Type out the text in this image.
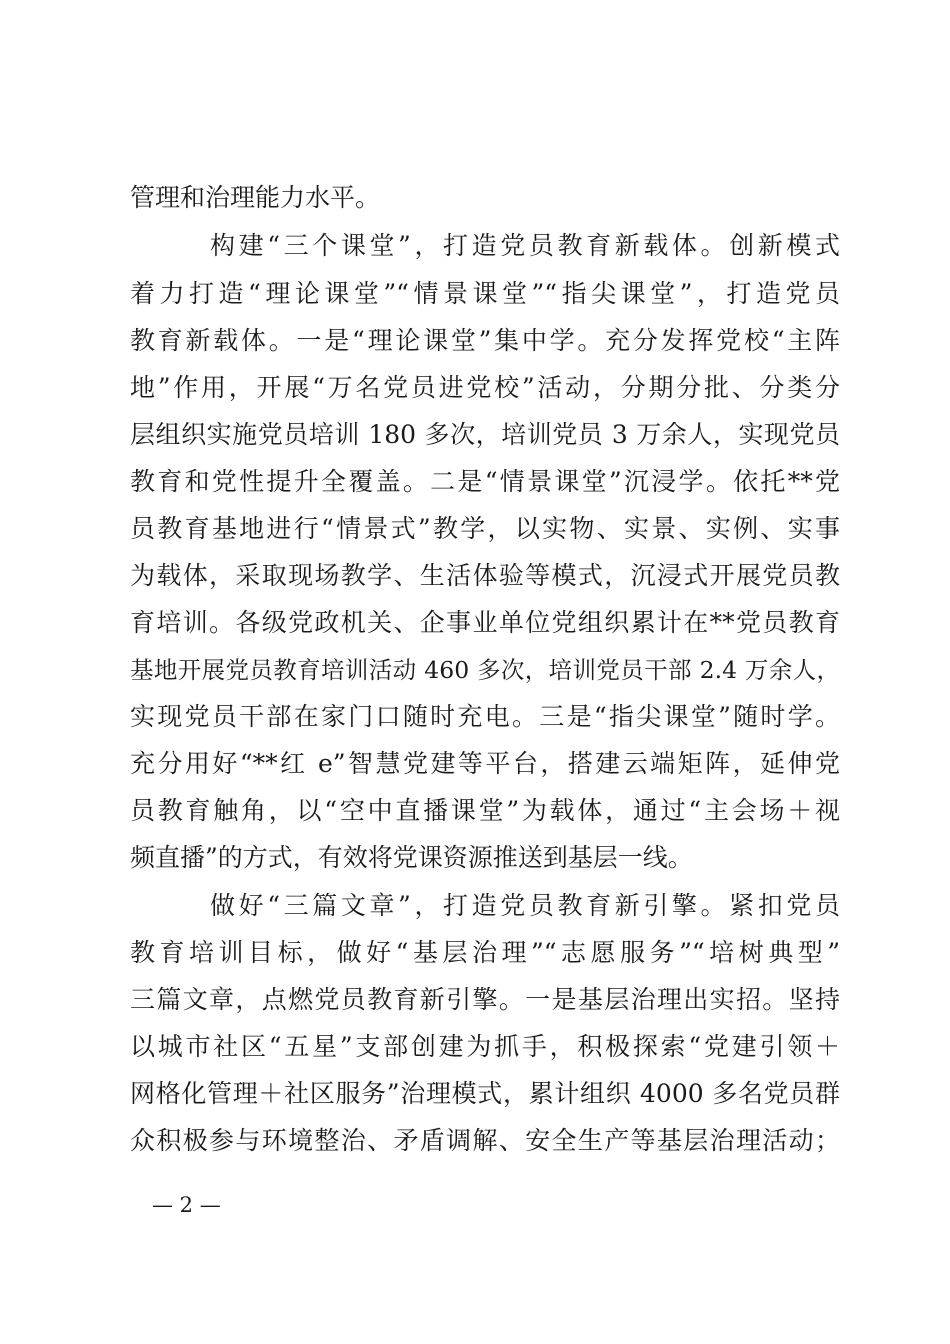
管理和治理能力水平。
构建“三个课堂”，打造党员教育新载体。创新模式
着力打造“理论课堂”“情景课堂”“指尖课堂”，打造党员
教育新载体。一是“理论课堂”集中学。充分发挥党校“主阵
地”作用，开展“万名党员进党校”活动，分期分批、分类分
层组织实施党员培训 180 多次，培训党员 3 万余人，实现党员
教育和党性提升全覆盖。二是“情景课堂”沉浸学。依托**党
员教育基地进行“情景式”教学，以实物、实景、实例、实事
为载体，采取现场教学、生活体验等模式，沉浸式开展党员教
育培训。各级党政机关、企事业单位党组织累计在**党员教育
基地开展党员教育培训活动 460 多次，培训党员干部 2.4 万余人，
实现党员干部在家门口随时充电。三是“指尖课堂”随时学。
充分用好“**红 e”智慧党建等平台，搭建云端矩阵，延伸党
员教育触角，以“空中直播课堂”为载体，通过“主会场＋视
频直播”的方式，有效将党课资源推送到基层一线。
做好“三篇文章”，打造党员教育新引擎。紧扣党员
教育培训目标，做好“基层治理”“志愿服务”“培树典型”
三篇文章，点燃党员教育新引擎。一是基层治理出实招。坚持
以城市社区“五星”支部创建为抓手，积极探索“党建引领＋
网格化管理＋社区服务”治理模式，累计组织 4000 多名党员群
众积极参与环境整治、矛盾调解、安全生产等基层治理活动；
— 2 —
